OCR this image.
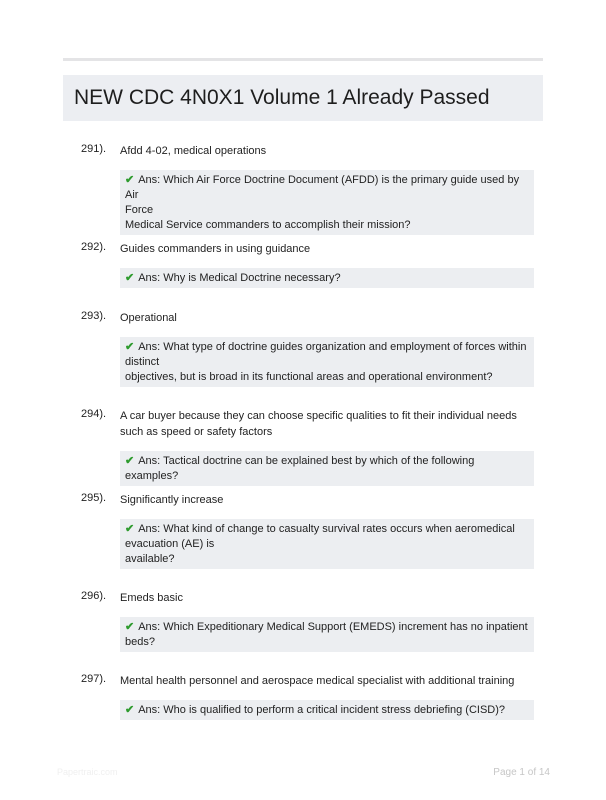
NEW CDC 4N0X1 Volume 1 Already Passed
291). Afdd 4-02, medical operations
✔ Ans: Which Air Force Doctrine Document (AFDD) is the primary guide used by Air
Force
Medical Service commanders to accomplish their mission?
292). Guides commanders in using guidance
✔ Ans: Why is Medical Doctrine necessary?
293). Operational
✔ Ans: What type of doctrine guides organization and employment of forces within
distinct
objectives, but is broad in its functional areas and operational environment?
294). A car buyer because they can choose specific qualities to fit their individual needs such as speed or safety factors
✔ Ans: Tactical doctrine can be explained best by which of the following examples?
295). Significantly increase
✔ Ans: What kind of change to casualty survival rates occurs when aeromedical
evacuation (AE) is
available?
296). Emeds basic
✔ Ans: Which Expeditionary Medical Support (EMEDS) increment has no inpatient
beds?
297). Mental health personnel and aerospace medical specialist with additional training
✔ Ans: Who is qualified to perform a critical incident stress debriefing (CISD)?
Papertraic.com	Page 1 of 14
